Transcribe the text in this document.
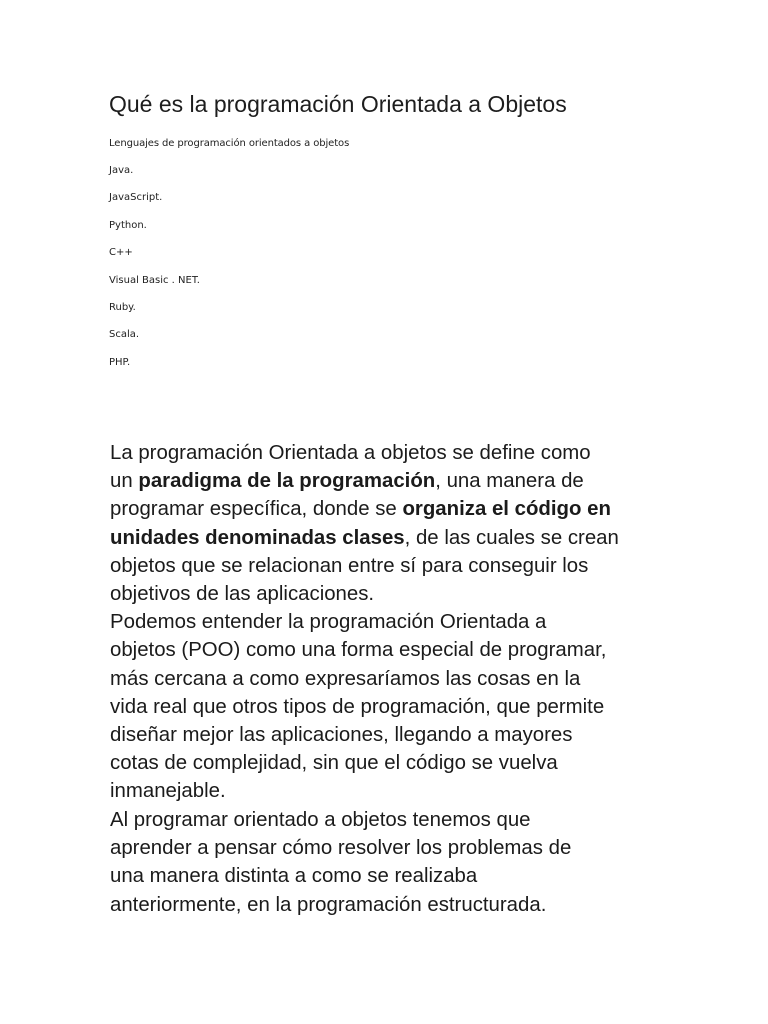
Qué es la programación Orientada a Objetos
Lenguajes de programación orientados a objetos
Java.
JavaScript.
Python.
C++
Visual Basic . NET.
Ruby.
Scala.
PHP.

La programación Orientada a objetos se define como
un paradigma de la programación, una manera de
programar específica, donde se organiza el código en
unidades denominadas clases, de las cuales se crean
objetos que se relacionan entre sí para conseguir los
objetivos de las aplicaciones.
Podemos entender la programación Orientada a
objetos (POO) como una forma especial de programar,
más cercana a como expresaríamos las cosas en la
vida real que otros tipos de programación, que permite
diseñar mejor las aplicaciones, llegando a mayores
cotas de complejidad, sin que el código se vuelva
inmanejable.

Al programar orientado a objetos tenemos que
aprender a pensar cómo resolver los problemas de
una manera distinta a como se realizaba
anteriormente, en la programación estructurada.
